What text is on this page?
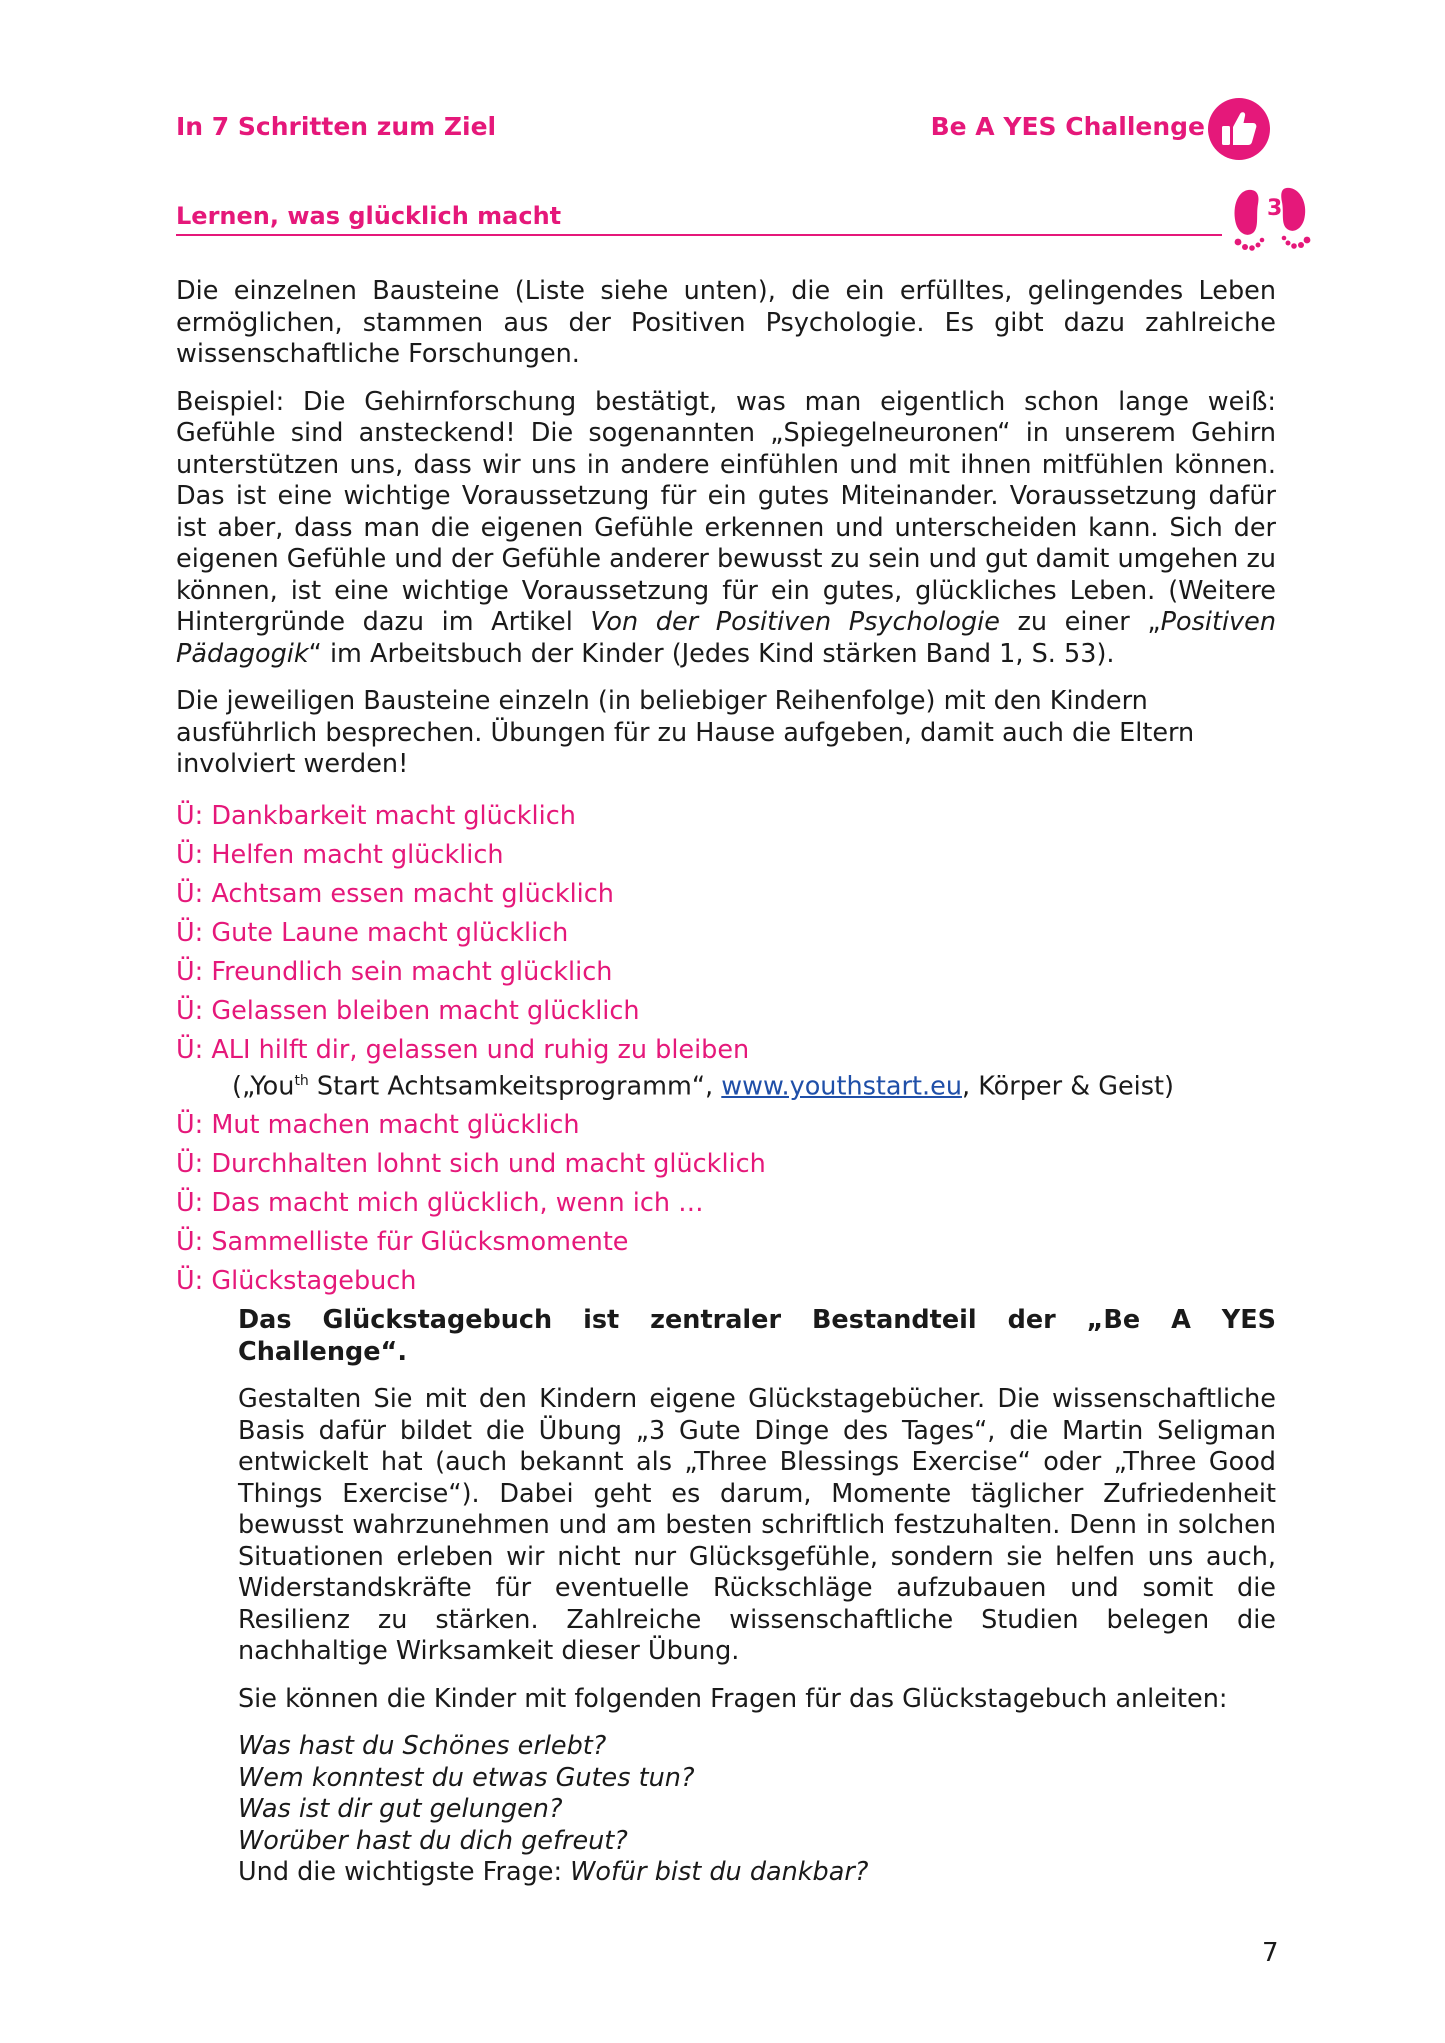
In 7 Schritten zum Ziel	Be A YES Challenge
Lernen, was glücklich macht	3

Die einzelnen Bausteine (Liste siehe unten), die ein erfülltes, gelingendes Leben ermöglichen, stammen aus der Positiven Psychologie. Es gibt dazu zahlreiche wissenschaftliche Forschungen.

Beispiel: Die Gehirnforschung bestätigt, was man eigentlich schon lange weiß: Gefühle sind ansteckend! Die sogenannten „Spiegelneuronen“ in unserem Gehirn unterstützen uns, dass wir uns in andere einfühlen und mit ihnen mitfühlen können. Das ist eine wichtige Voraussetzung für ein gutes Miteinander. Voraussetzung dafür ist aber, dass man die eigenen Gefühle erkennen und unterscheiden kann. Sich der eigenen Gefühle und der Gefühle anderer bewusst zu sein und gut damit umgehen zu können, ist eine wichtige Voraussetzung für ein gutes, glückliches Leben. (Weitere Hintergründe dazu im Artikel Von der Positiven Psychologie zu einer „Positiven Pädagogik“ im Arbeitsbuch der Kinder (Jedes Kind stärken Band 1, S. 53).

Die jeweiligen Bausteine einzeln (in beliebiger Reihenfolge) mit den Kindern ausführlich besprechen. Übungen für zu Hause aufgeben, damit auch die Eltern involviert werden!

Ü: Dankbarkeit macht glücklich
Ü: Helfen macht glücklich
Ü: Achtsam essen macht glücklich
Ü: Gute Laune macht glücklich
Ü: Freundlich sein macht glücklich
Ü: Gelassen bleiben macht glücklich
Ü: ALI hilft dir, gelassen und ruhig zu bleiben
(„You$^{th}$ Start Achtsamkeitsprogramm“, www.youthstart.eu, Körper & Geist)
Ü: Mut machen macht glücklich
Ü: Durchhalten lohnt sich und macht glücklich
Ü: Das macht mich glücklich, wenn ich …
Ü: Sammelliste für Glücksmomente
Ü: Glückstagebuch

Das Glückstagebuch ist zentraler Bestandteil der „Be A YES Challenge“.

Gestalten Sie mit den Kindern eigene Glückstagebücher. Die wissenschaftliche Basis dafür bildet die Übung „3 Gute Dinge des Tages“, die Martin Seligman entwickelt hat (auch bekannt als „Three Blessings Exercise“ oder „Three Good Things Exercise“). Dabei geht es darum, Momente täglicher Zufriedenheit bewusst wahrzunehmen und am besten schriftlich festzuhalten. Denn in solchen Situationen erleben wir nicht nur Glücksgefühle, sondern sie helfen uns auch, Widerstandskräfte für eventuelle Rückschläge aufzubauen und somit die Resilienz zu stärken. Zahlreiche wissenschaftliche Studien belegen die nachhaltige Wirksamkeit dieser Übung.

Sie können die Kinder mit folgenden Fragen für das Glückstagebuch anleiten:

Was hast du Schönes erlebt?
Wem konntest du etwas Gutes tun?
Was ist dir gut gelungen?
Worüber hast du dich gefreut?
Und die wichtigste Frage: Wofür bist du dankbar?
7
